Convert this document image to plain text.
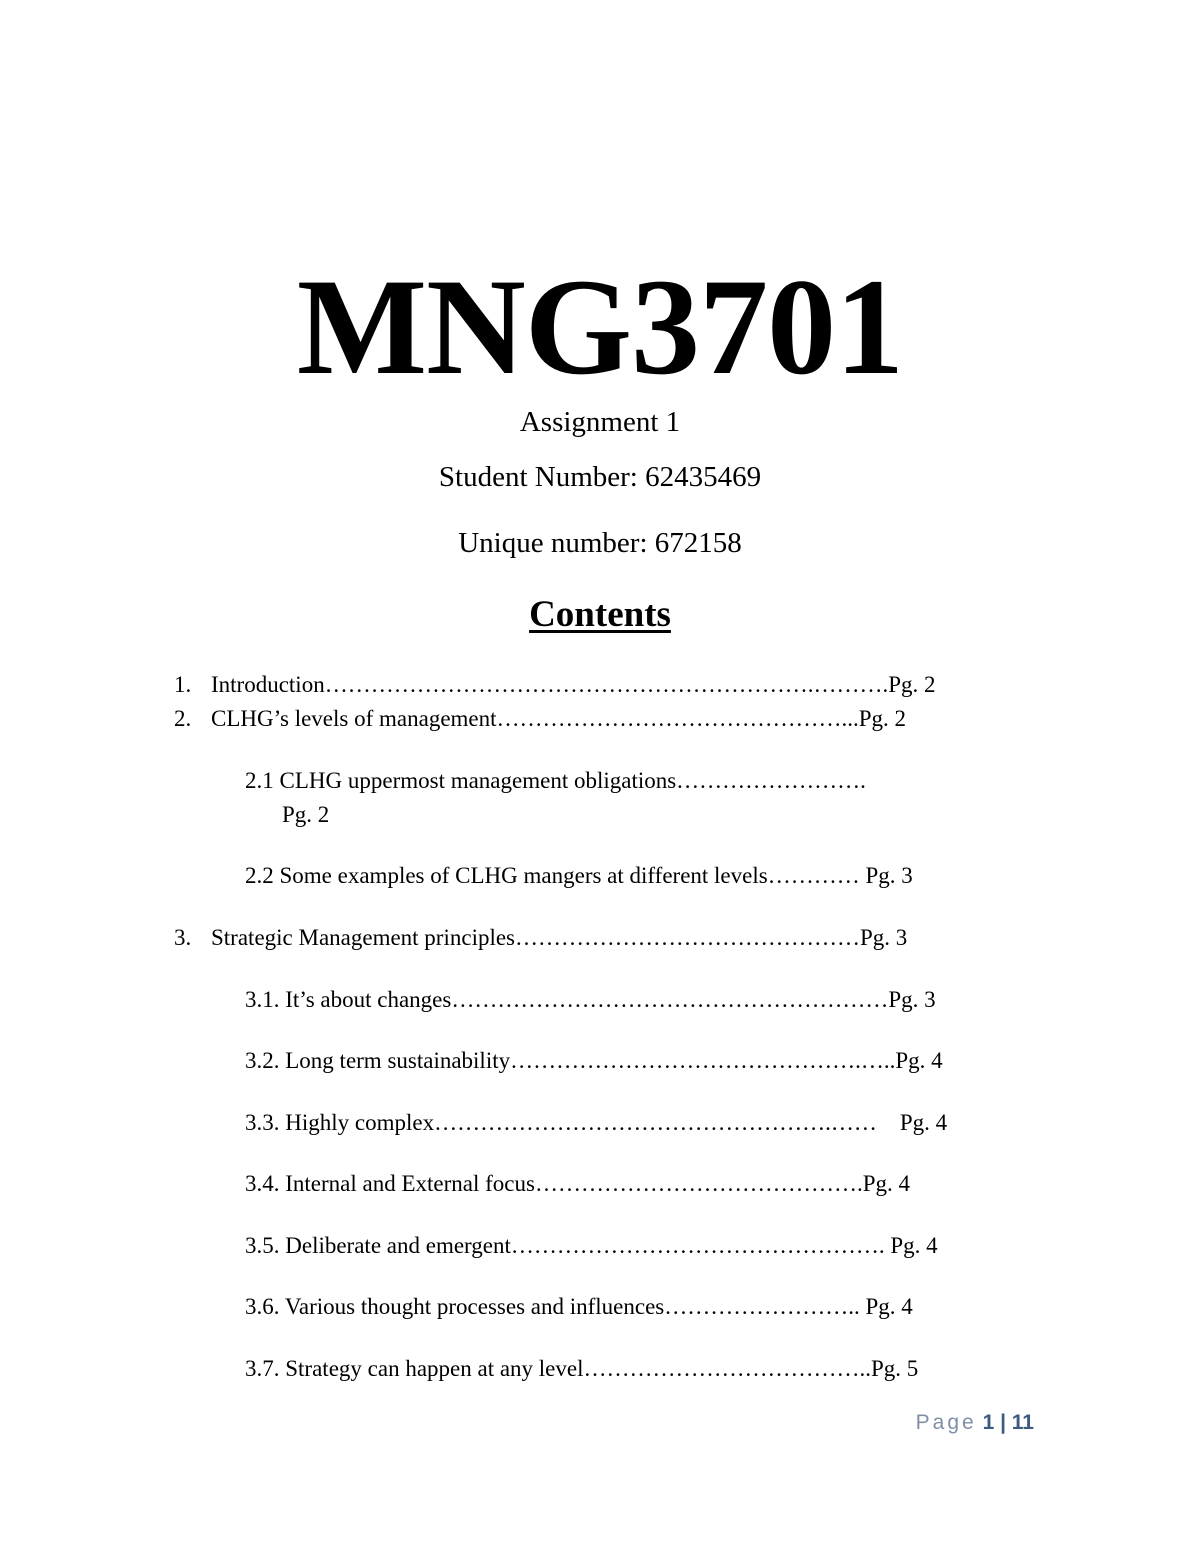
MNG3701
Assignment 1
Student Number: 62435469
Unique number: 672158
Contents
1. Introduction……………………………………………………….……….Pg. 2
2. CLHG’s levels of management………………………………………...Pg. 2
2.1 CLHG uppermost management obligations…………………….
Pg. 2
2.2 Some examples of CLHG mangers at different levels………… Pg. 3
3. Strategic Management principles………………………………………Pg. 3
3.1. It’s about changes…………………………………………………Pg. 3
3.2. Long term sustainability……………………………………….…..Pg. 4
3.3. Highly complex…………………………………………….……    Pg. 4
3.4. Internal and External focus…………………………………….Pg. 4
3.5. Deliberate and emergent…………………………………………. Pg. 4
3.6. Various thought processes and influences…………………….. Pg. 4
3.7. Strategy can happen at any level………………………………..Pg. 5
Page 1 | 11
